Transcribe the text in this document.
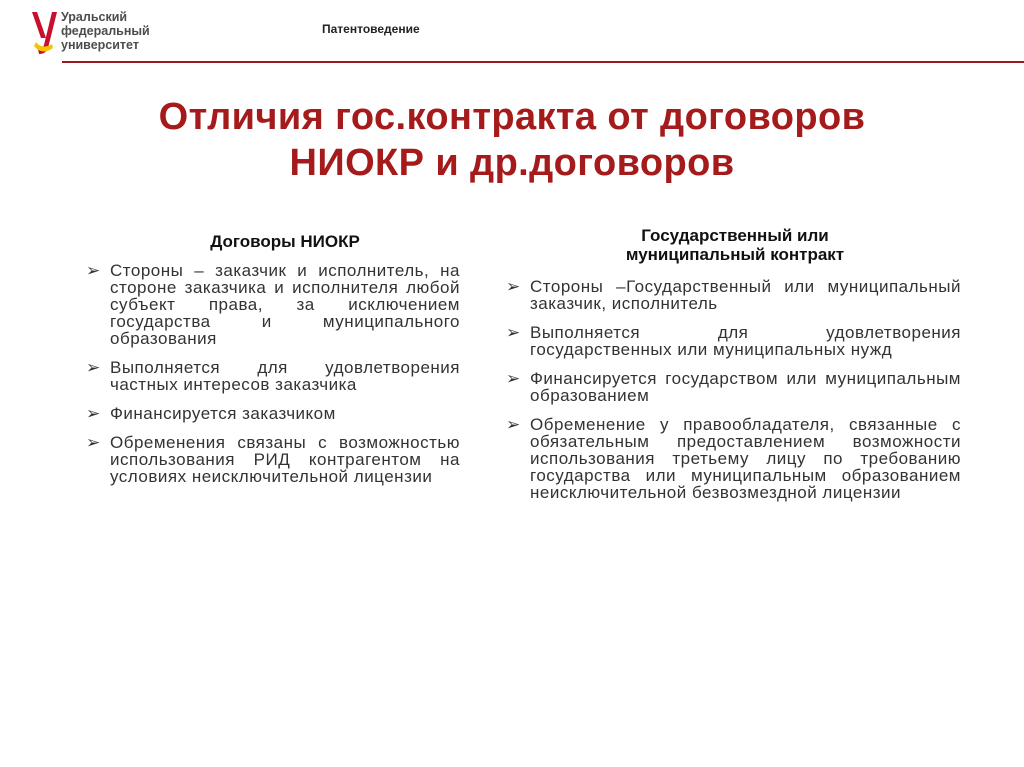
Уральский
федеральный
университет
Патентоведение
Отличия гос.контракта от договоров
НИОКР и др.договоров
Договоры НИОКР
➢ Стороны – заказчик и исполнитель, на стороне заказчика и исполнителя любой субъект права, за исключением государства и муниципального образования
➢ Выполняется для удовлетворения частных интересов заказчика
➢ Финансируется заказчиком
➢ Обременения связаны с возможностью использования РИД контрагентом на условиях неисключительной лицензии
Государственный или
муниципальный контракт
➢ Стороны –Государственный или муниципальный заказчик, исполнитель
➢ Выполняется для удовлетворения государственных или муниципальных нужд
➢ Финансируется государством или муниципальным образованием
➢ Обременение у правообладателя, связанные с обязательным предоставлением возможности использования третьему лицу по требованию государства или муниципальным образованием неисключительной безвозмездной лицензии
